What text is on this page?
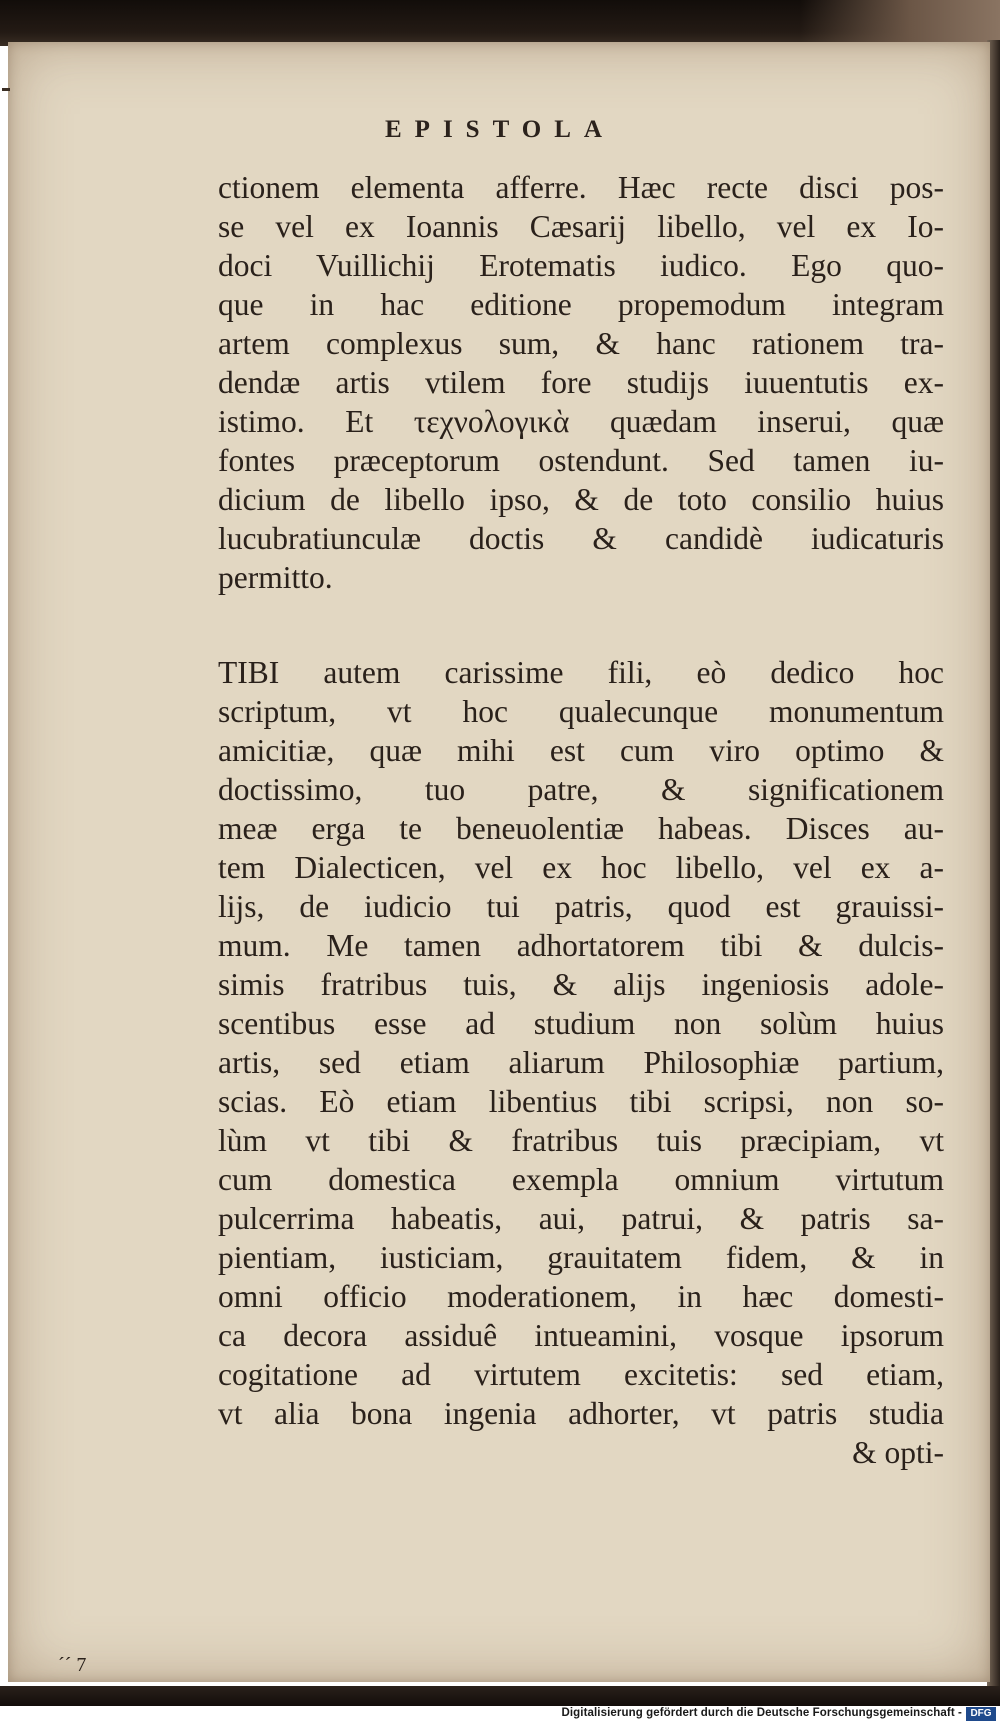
EPISTOLA
ctionem elementa afferre. Hæc recte disci pos-
se vel ex Ioannis Cæsarij libello, vel ex Io-
doci Vuillichij Erotematis iudico. Ego quo-
que in hac editione propemodum integram
artem complexus sum, & hanc rationem tra-
dendæ artis vtilem fore studijs iuuentutis ex-
istimo. Et τεχνολογικὰ quædam inserui, quæ
fontes præceptorum ostendunt. Sed tamen iu-
dicium de libello ipso, & de toto consilio huius
lucubratiunculæ doctis & candidè iudicaturis
permitto.
TIBI autem carissime fili, eò dedico hoc
scriptum, vt hoc qualecunque monumentum
amicitiæ, quæ mihi est cum viro optimo &
doctissimo, tuo patre, & significationem
meæ erga te beneuolentiæ habeas. Disces au-
tem Dialecticen, vel ex hoc libello, vel ex a-
lijs, de iudicio tui patris, quod est grauissi-
mum. Me tamen adhortatorem tibi & dulcis-
simis fratribus tuis, & alijs ingeniosis adole-
scentibus esse ad studium non solùm huius
artis, sed etiam aliarum Philosophiæ partium,
scias. Eò etiam libentius tibi scripsi, non so-
lùm vt tibi & fratribus tuis præcipiam, vt
cum domestica exempla omnium virtutum
pulcerrima habeatis, aui, patrui, & patris sa-
pientiam, iusticiam, grauitatem fidem, & in
omni officio moderationem, in hæc domesti-
ca decora assiduê intueamini, vosque ipsorum
cogitatione ad virtutem excitetis: sed etiam,
vt alia bona ingenia adhorter, vt patris studia
& opti-
´´ 7
Digitalisierung gefördert durch die Deutsche Forschungsgemeinschaft - DFG
